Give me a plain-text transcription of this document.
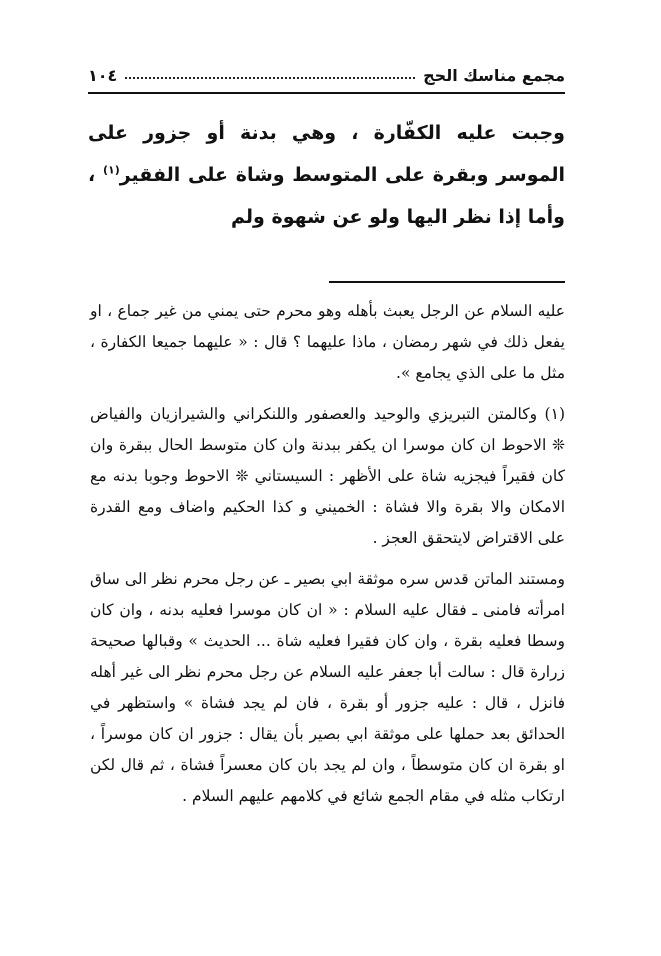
١٠٤	مجمع مناسك الحج

وجبت عليه الكفّارة ، وهي بدنة أو جزور على الموسر وبقرة على المتوسط وشاة على الفقير$^{(١)}$ ، وأما إذا نظر اليها ولو عن شهوة ولم

عليه السلام عن الرجل يعبث بأهله وهو محرم حتى يمني من غير جماع ، او يفعل ذلك في شهر رمضان ، ماذا عليهما ؟ قال : « عليهما جميعا الكفارة ، مثل ما على الذي يجامع ».

(١) وكالمتن التبريزي والوحيد والعصفور واللنكراني والشيرازيان والفياض ❊ الاحوط ان كان موسرا ان يكفر ببدنة وان كان متوسط الحال ببقرة وان كان فقيراً فيجزيه شاة على الأظهر : السيستاني ❊ الاحوط وجوبا بدنه مع الامكان والا بقرة والا فشاة : الخميني و كذا الحكيم واضاف ومع القدرة على الاقتراض لايتحقق العجز .

ومستند الماتن قدس سره موثقة ابي بصير ـ عن رجل محرم نظر الى ساق امرأته فامنى ـ فقال عليه السلام : « ان كان موسرا فعليه بدنه ، وان كان وسطا فعليه بقرة ، وان كان فقيرا فعليه شاة ... الحديث » وقبالها صحيحة زرارة قال : سالت أبا جعفر عليه السلام عن رجل محرم نظر الى غير أهله فانزل ، قال : عليه جزور أو بقرة ، فان لم يجد فشاة » واستظهر في الحدائق بعد حملها على موثقة ابي بصير بأن يقال : جزور ان كان موسراً ، او بقرة ان كان متوسطاً ، وان لم يجد بان كان معسراً فشاة ، ثم قال لكن ارتكاب مثله في مقام الجمع شائع في كلامهم عليهم السلام .
